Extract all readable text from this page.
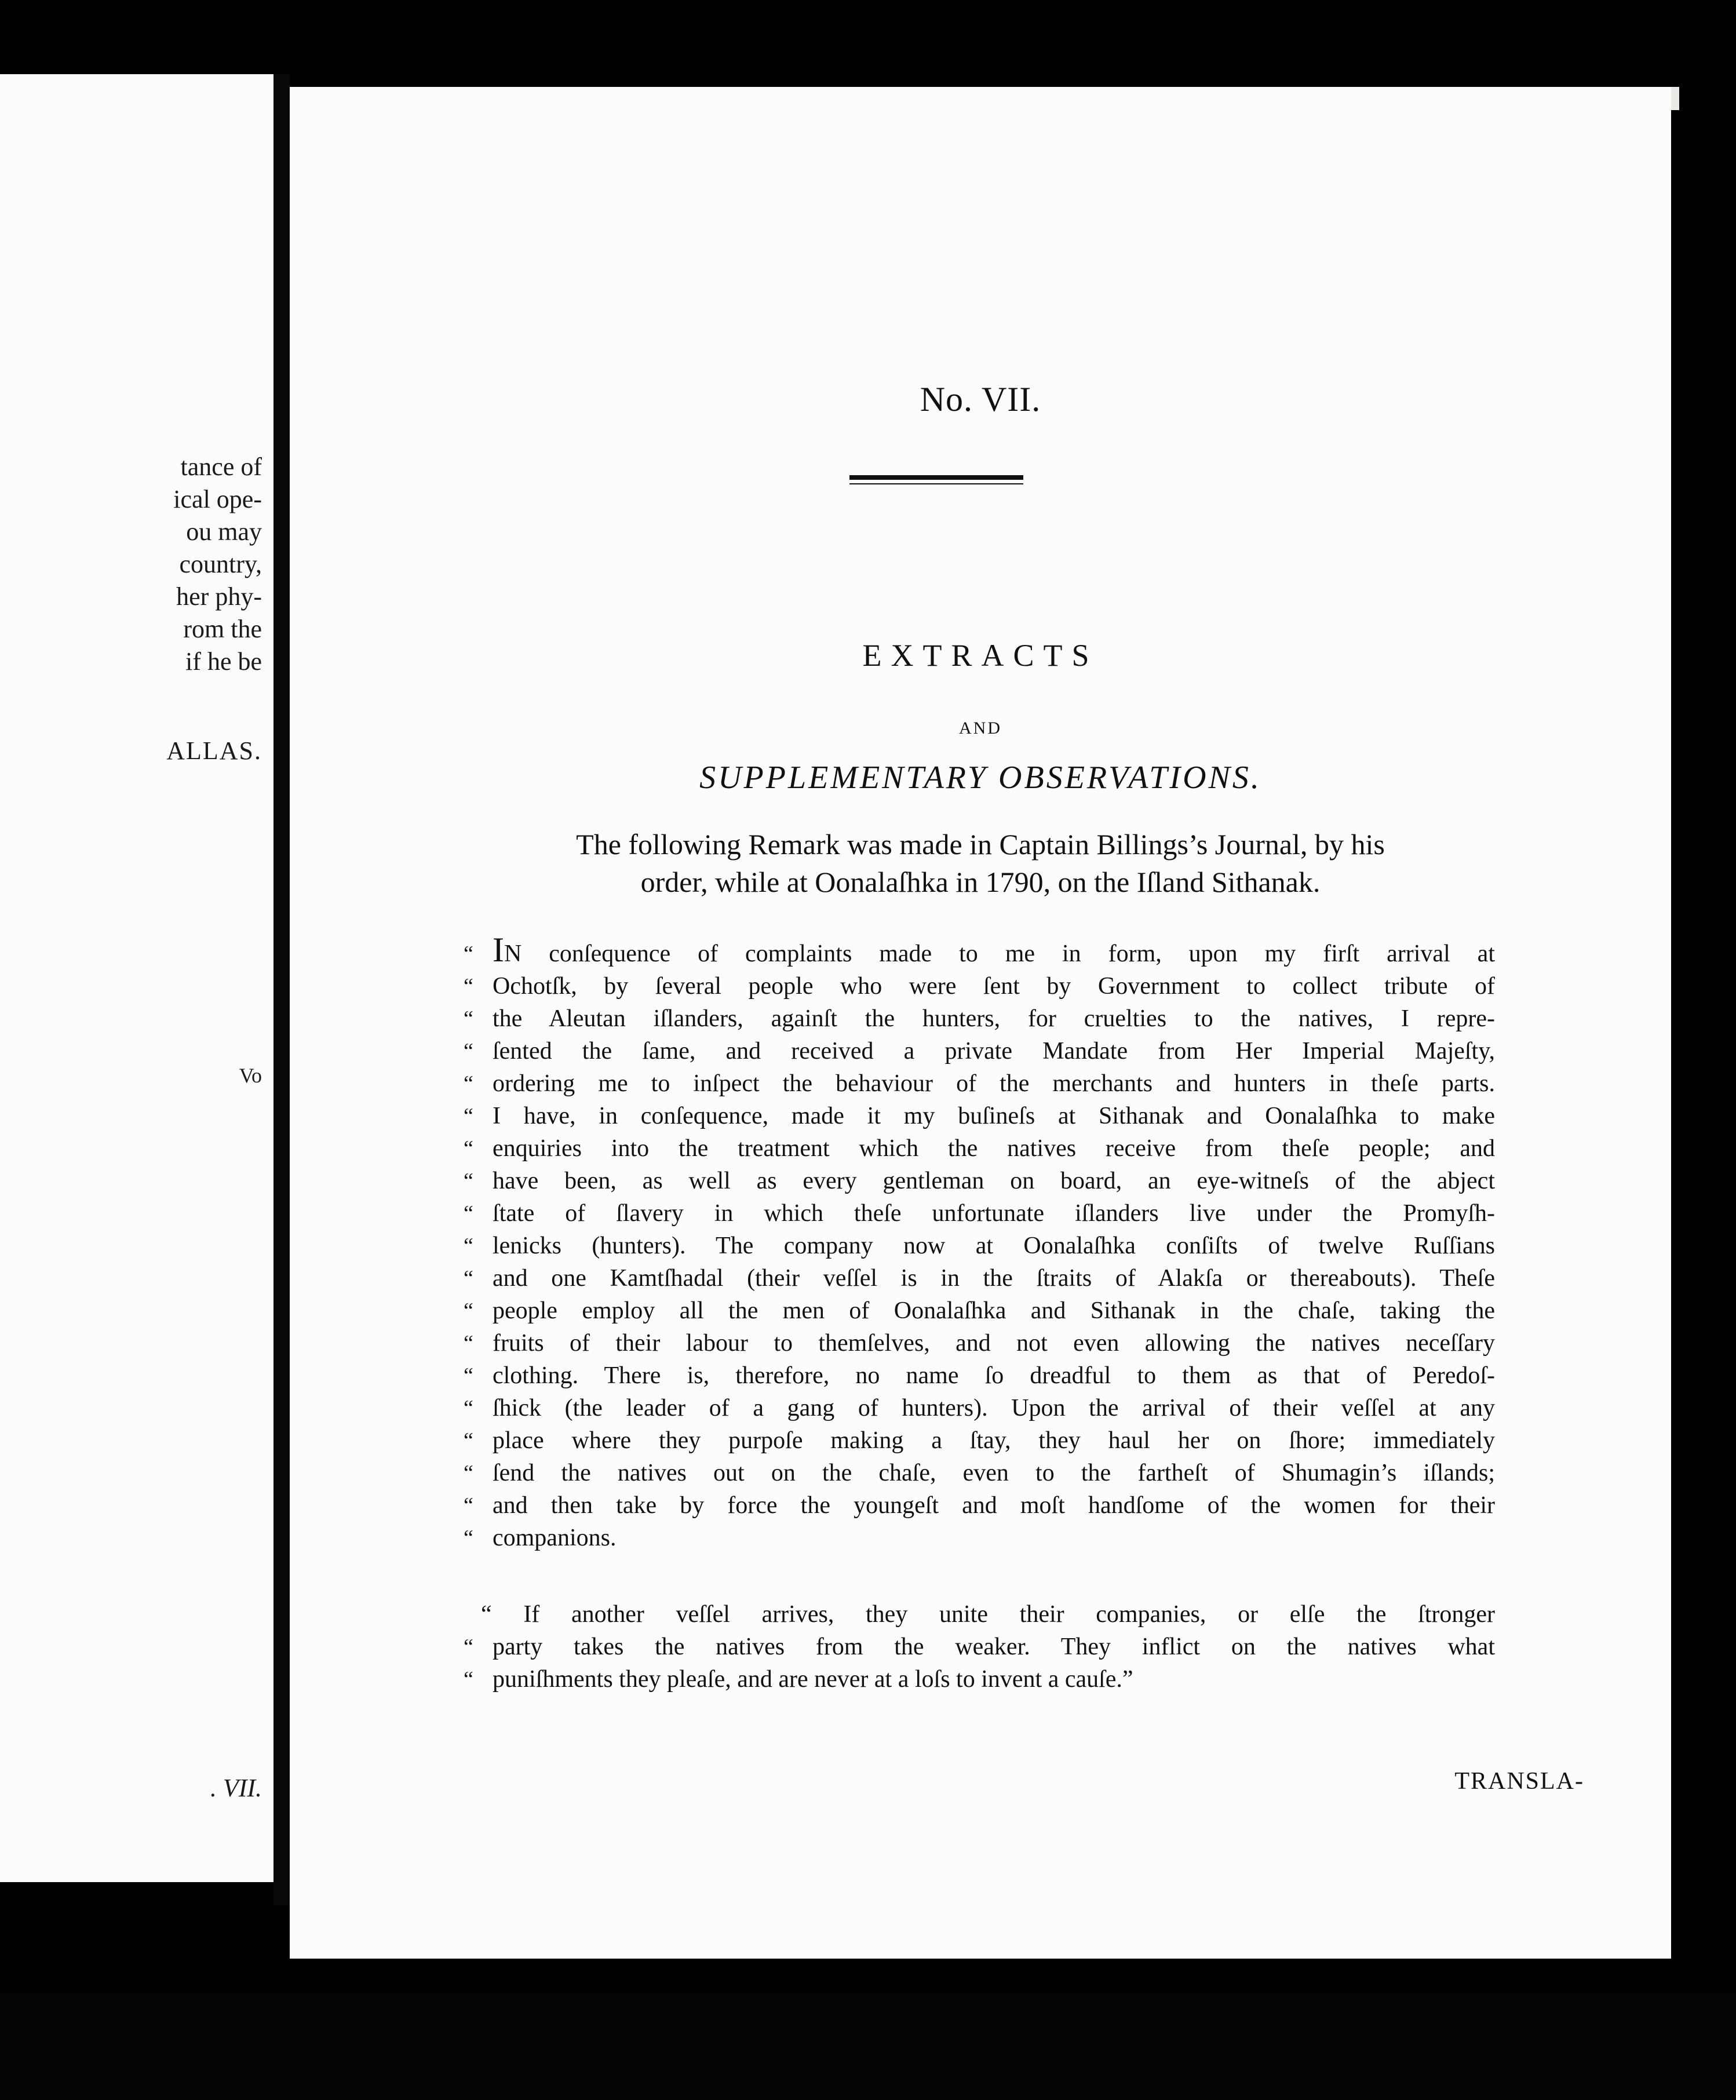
tance of
ical ope-
ou may
country,
her phy-
rom the
if he be
ALLAS.
Vo
. VII.

No. VII.
EXTRACTS
AND
SUPPLEMENTARY OBSERVATIONS.
The following Remark was made in Captain Billings’s Journal, by his
order, while at Oonalaſhka in 1790, on the Iſland Sithanak.
“
“
“
“
“
“
“
“
“
“
“
“
“
“
“
“
“
“
“
IN conſequence of complaints made to me in form, upon my firſt arrival at
Ochotſk, by ſeveral people who were ſent by Government to collect tribute of
the Aleutan iſlanders, againſt the hunters, for cruelties to the natives, I repre-
ſented the ſame, and received a private Mandate from Her Imperial Majeſty,
ordering me to inſpect the behaviour of the merchants and hunters in theſe parts.
I have, in conſequence, made it my buſineſs at Sithanak and Oonalaſhka to make
enquiries into the treatment which the natives receive from theſe people; and
have been, as well as every gentleman on board, an eye-witneſs of the abject
ſtate of ſlavery in which theſe unfortunate iſlanders live under the Promyſh-
lenicks (hunters). The company now at Oonalaſhka conſiſts of twelve Ruſſians
and one Kamtſhadal (their veſſel is in the ſtraits of Alakſa or thereabouts). Theſe
people employ all the men of Oonalaſhka and Sithanak in the chaſe, taking the
fruits of their labour to themſelves, and not even allowing the natives neceſſary
clothing. There is, therefore, no name ſo dreadful to them as that of Peredoſ-
ſhick (the leader of a gang of hunters). Upon the arrival of their veſſel at any
place where they purpoſe making a ſtay, they haul her on ſhore; immediately
ſend the natives out on the chaſe, even to the fartheſt of Shumagin’s iſlands;
and then take by force the youngeſt and moſt handſome of the women for their
companions.
“
“
“ If another veſſel arrives, they unite their companies, or elſe the ſtronger
party takes the natives from the weaker. They inflict on the natives what
puniſhments they pleaſe, and are never at a loſs to invent a cauſe.”
TRANSLA-
